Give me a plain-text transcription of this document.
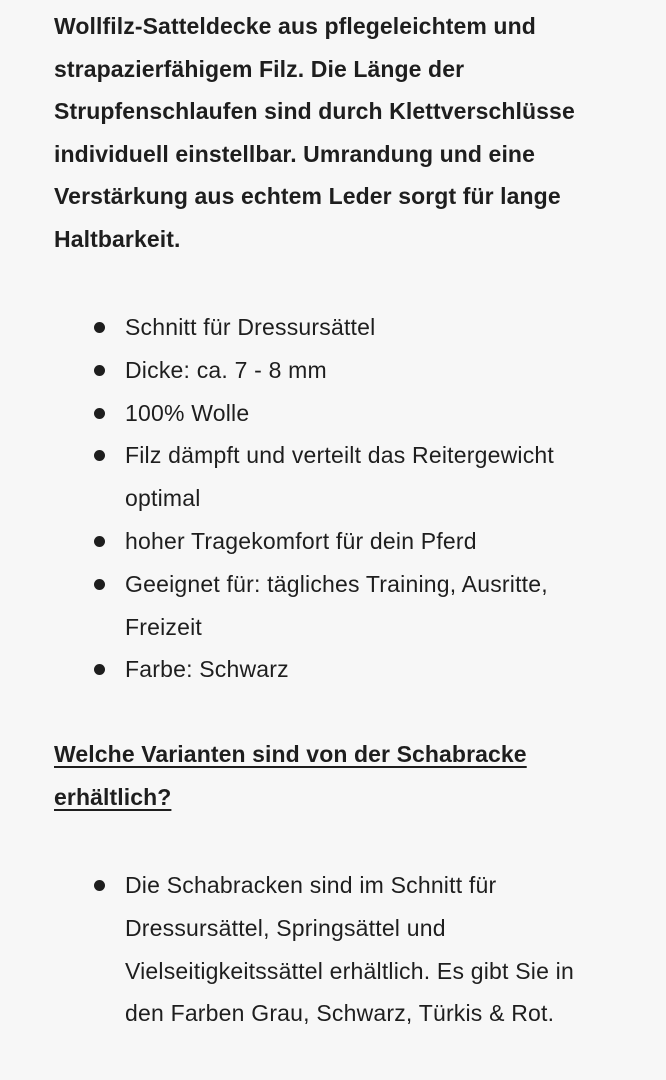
Wollfilz-Satteldecke aus pflegeleichtem und strapazierfähigem Filz. Die Länge der Strupfenschlaufen sind durch Klettverschlüsse individuell einstellbar. Umrandung und eine Verstärkung aus echtem Leder sorgt für lange Haltbarkeit.

Schnitt für Dressursättel
Dicke: ca. 7 - 8 mm
100% Wolle
Filz dämpft und verteilt das Reitergewicht optimal
hoher Tragekomfort für dein Pferd
Geeignet für: tägliches Training, Ausritte, Freizeit
Farbe: Schwarz
Welche Varianten sind von der Schabracke erhältlich?
Die Schabracken sind im Schnitt für Dressursättel, Springsättel und Vielseitigkeitssättel erhältlich. Es gibt Sie in den Farben Grau, Schwarz, Türkis & Rot.
